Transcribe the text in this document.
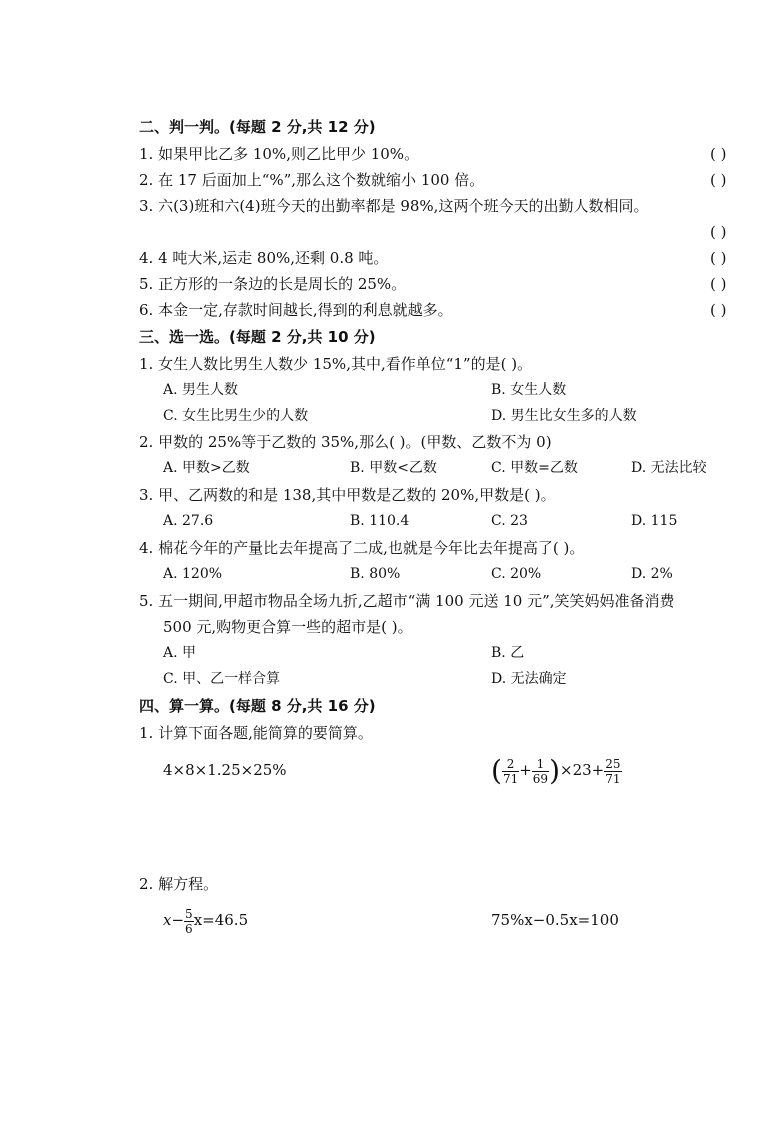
二、判一判。(每题 2 分,共 12 分)
1. 如果甲比乙多 10%,则乙比甲少 10%。	( )
2. 在 17 后面加上“%”,那么这个数就缩小 100 倍。	( )
3. 六(3)班和六(4)班今天的出勤率都是 98%,这两个班今天的出勤人数相同。
( )
4. 4 吨大米,运走 80%,还剩 0.8 吨。	( )
5. 正方形的一条边的长是周长的 25%。	( )
6. 本金一定,存款时间越长,得到的利息就越多。	( )
三、选一选。(每题 2 分,共 10 分)
1. 女生人数比男生人数少 15%,其中,看作单位“1”的是( )。
A. 男生人数	B. 女生人数
C. 女生比男生少的人数	D. 男生比女生多的人数
2. 甲数的 25%等于乙数的 35%,那么( )。(甲数、乙数不为 0)
A. 甲数>乙数	B. 甲数<乙数	C. 甲数=乙数	D. 无法比较
3. 甲、乙两数的和是 138,其中甲数是乙数的 20%,甲数是( )。
A. 27.6	B. 110.4	C. 23	D. 115
4. 棉花今年的产量比去年提高了二成,也就是今年比去年提高了( )。
A. 120%	B. 80%	C. 20%	D. 2%
5. 五一期间,甲超市物品全场九折,乙超市“满 100 元送 10 元”,笑笑妈妈准备消费
500 元,购物更合算一些的超市是( )。
A. 甲	B. 乙
C. 甲、乙一样合算	D. 无法确定
四、算一算。(每题 8 分,共 16 分)
1. 计算下面各题,能简算的要简算。
4×8×1.25×25%	( $\frac{2}{71} + \frac{1}{69} )\times 23+ \frac{25}{71}$
2. 解方程。
$x- \frac{5}{6} x=46.5$	75%x−0.5x=100
